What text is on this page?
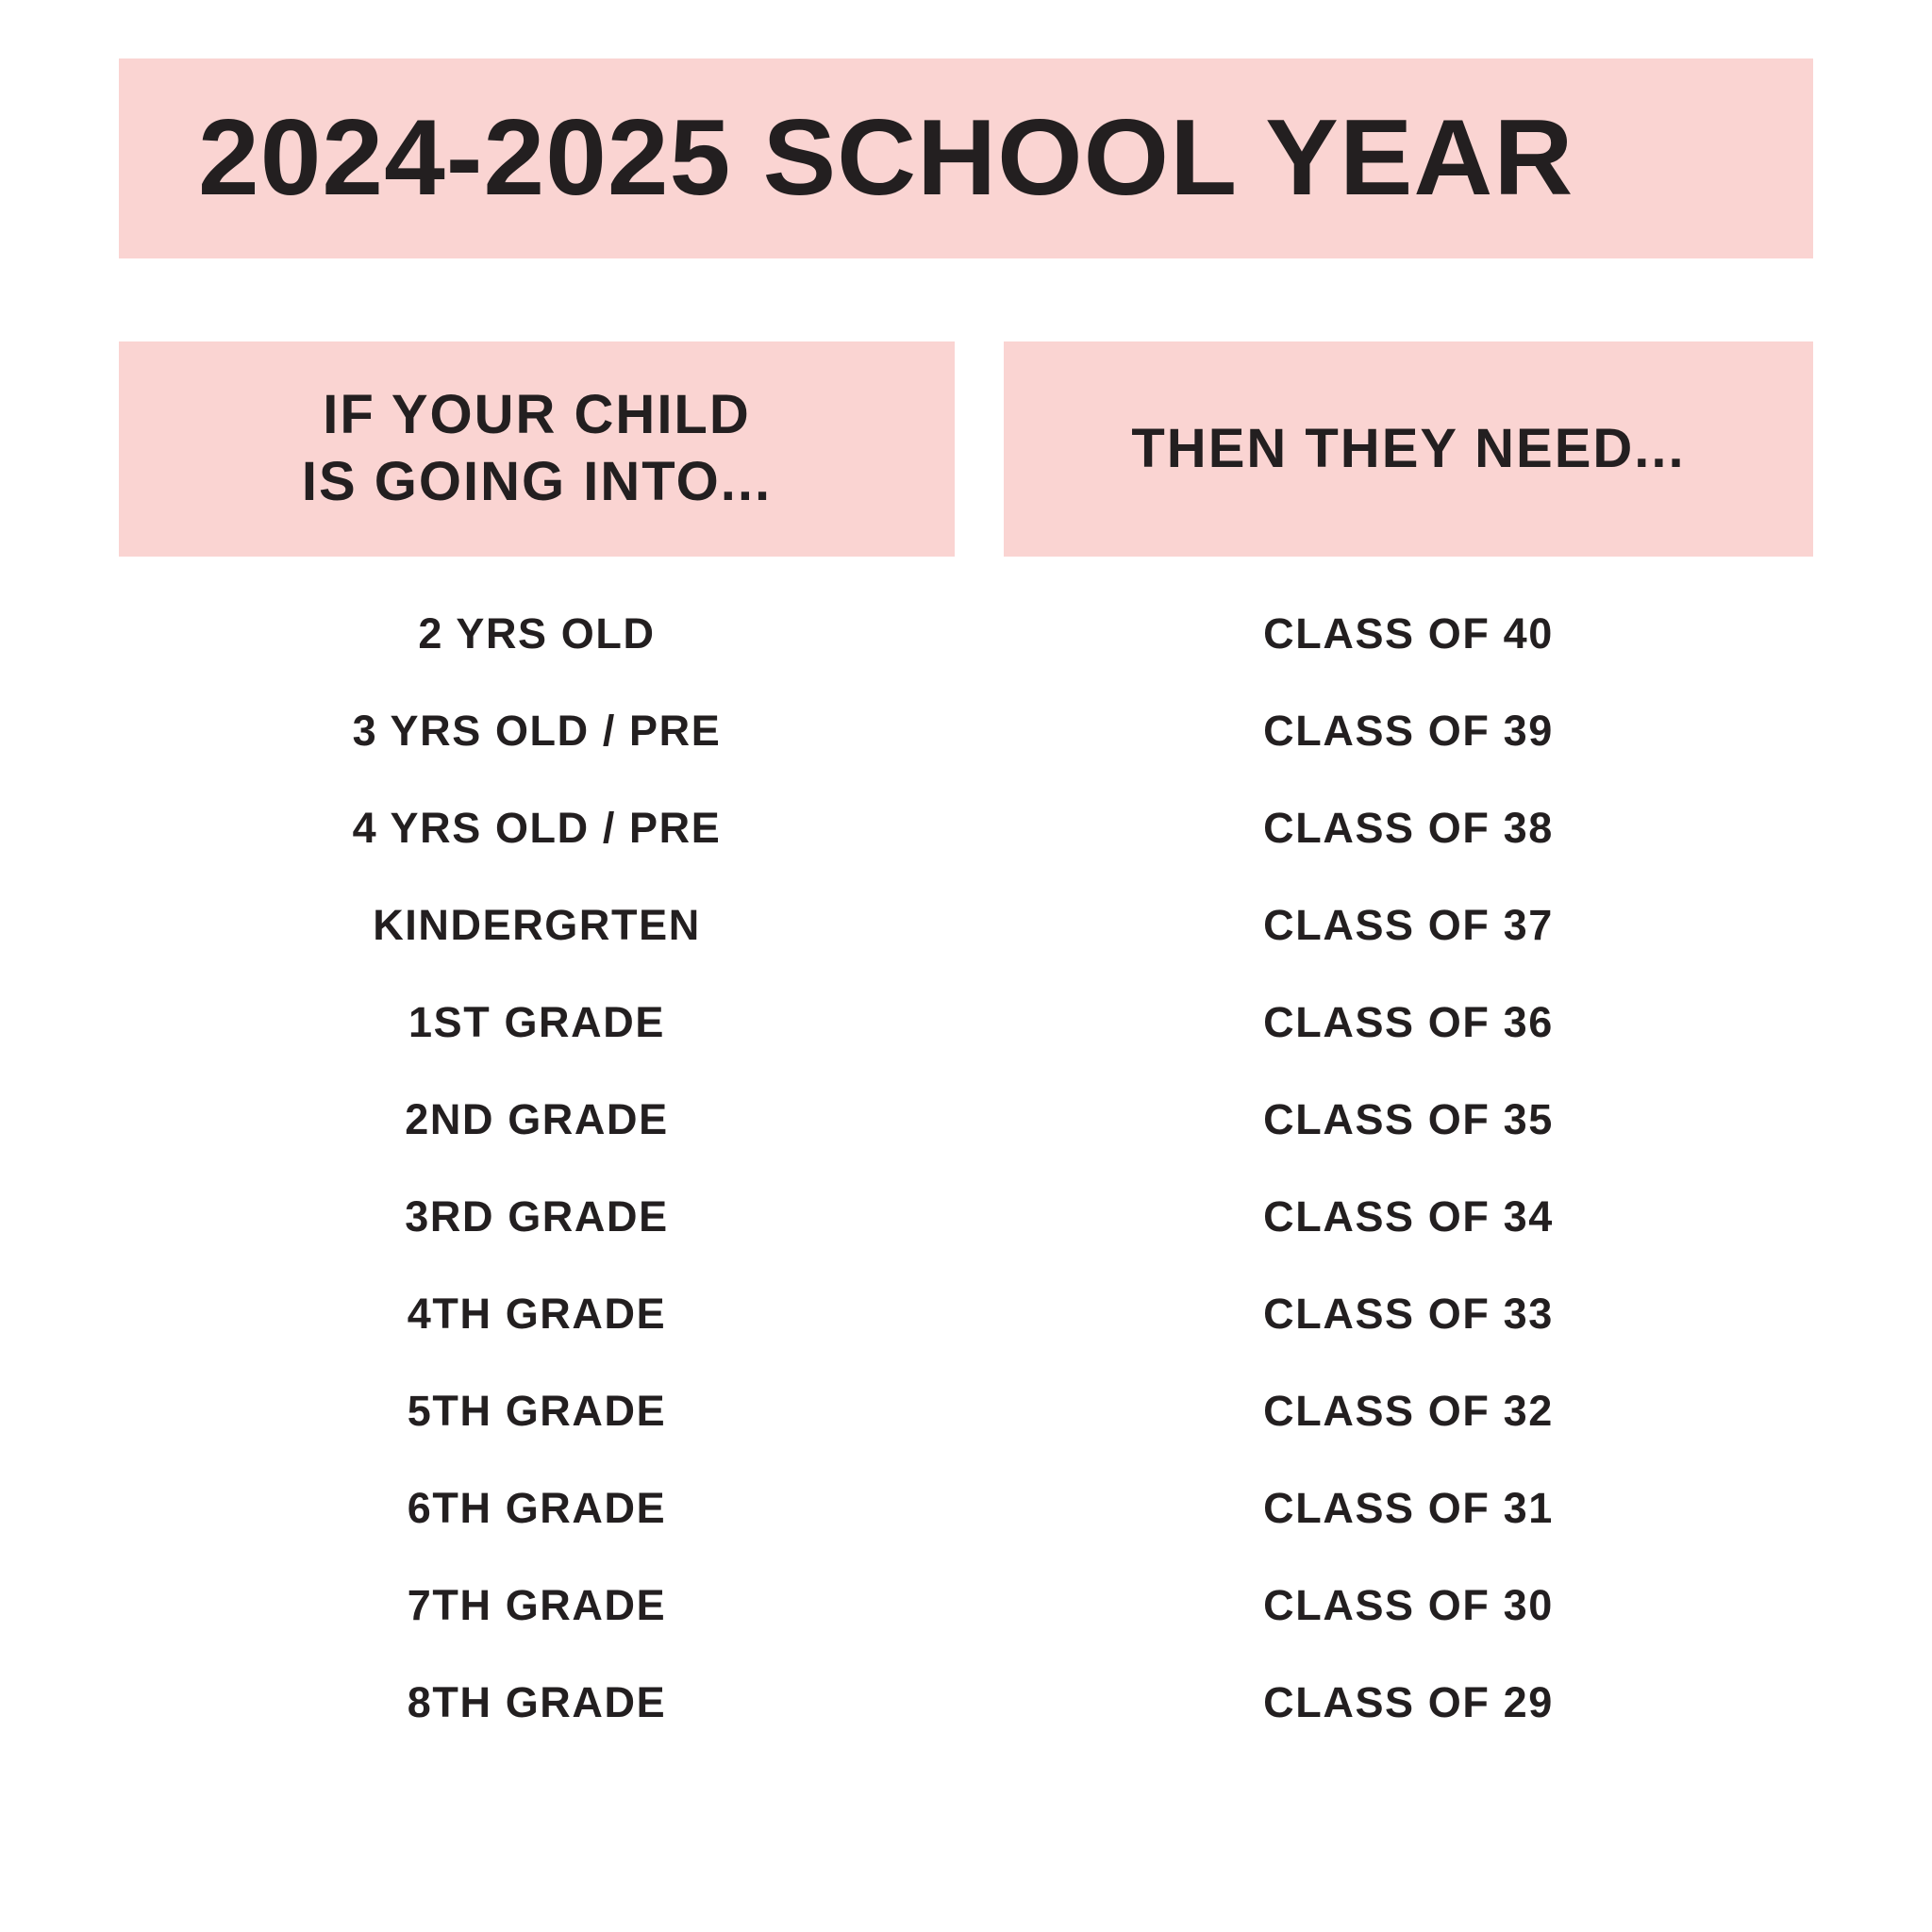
2024-2025 SCHOOL YEAR
IF YOUR CHILD
IS GOING INTO...
THEN THEY NEED...
2 YRS OLD	CLASS OF 40
3 YRS OLD / PRE	CLASS OF 39
4 YRS OLD / PRE	CLASS OF 38
KINDERGRTEN	CLASS OF 37
1ST GRADE	CLASS OF 36
2ND GRADE	CLASS OF 35
3RD GRADE	CLASS OF 34
4TH GRADE	CLASS OF 33
5TH GRADE	CLASS OF 32
6TH GRADE	CLASS OF 31
7TH GRADE	CLASS OF 30
8TH GRADE	CLASS OF 29
